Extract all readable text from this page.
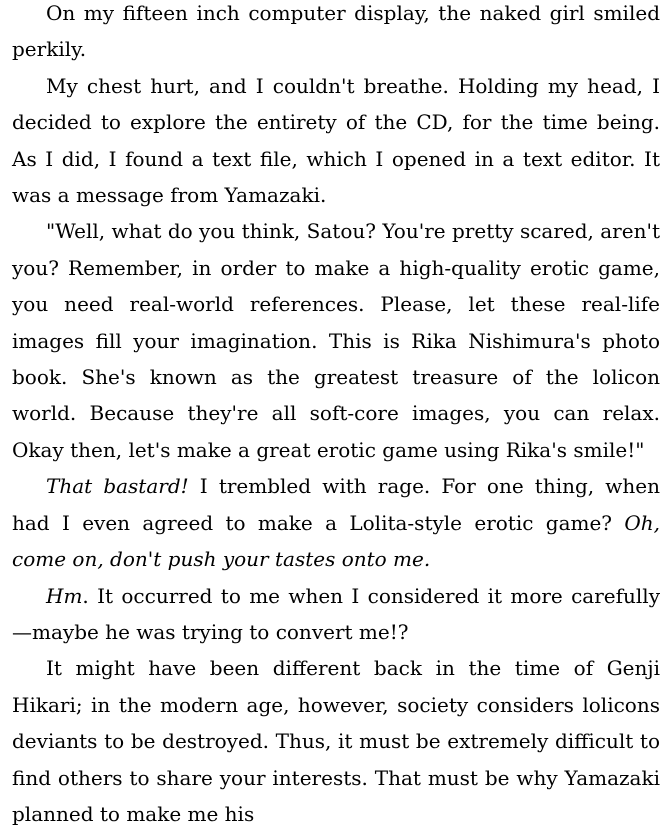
On my fifteen inch computer display, the naked girl smiled perkily.

My chest hurt, and I couldn't breathe. Holding my head, I decided to explore the entirety of the CD, for the time being. As I did, I found a text file, which I opened in a text editor. It was a message from Yamazaki.

"Well, what do you think, Satou? You're pretty scared, aren't you? Remember, in order to make a high-quality erotic game, you need real-world references. Please, let these real-life images fill your imagination. This is Rika Nishimura's photo book. She's known as the greatest treasure of the lolicon world. Because they're all soft-core images, you can relax. Okay then, let's make a great erotic game using Rika's smile!"

That bastard! I trembled with rage. For one thing, when had I even agreed to make a Lolita-style erotic game? Oh, come on, don't push your tastes onto me.

Hm. It occurred to me when I considered it more carefully—maybe he was trying to convert me!?

It might have been different back in the time of Genji Hikari; in the modern age, however, society considers lolicons deviants to be destroyed. Thus, it must be extremely difficult to find others to share your interests. That must be why Yamazaki planned to make me his
